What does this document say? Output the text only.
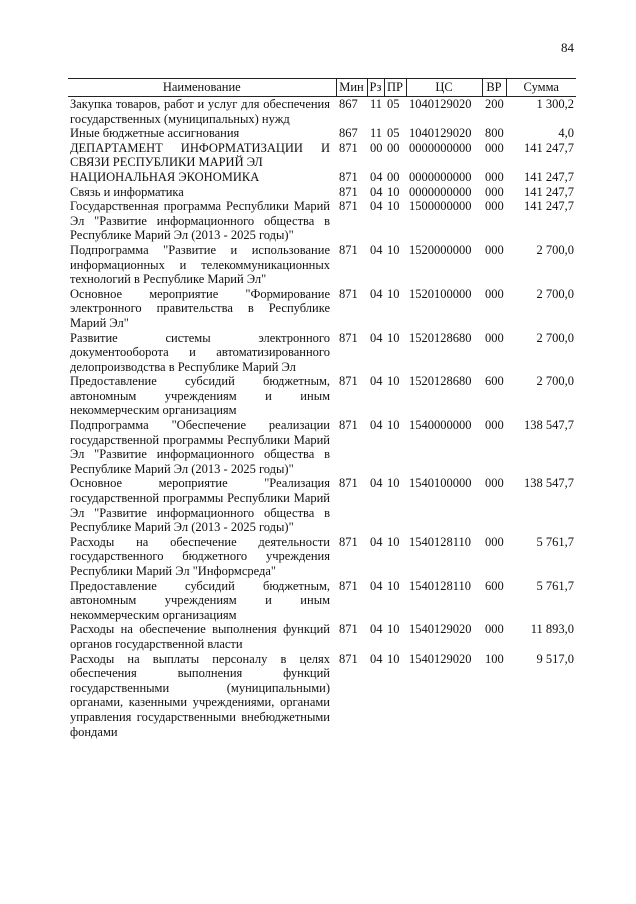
84
Наименование	Мин	Рз	ПР	ЦС	ВР	Сумма
Закупка товаров, работ и услуг для обеспечения государственных (муниципальных) нужд	867	11	05	1040129020	200	1 300,2
Иные бюджетные ассигнования	867	11	05	1040129020	800	4,0
ДЕПАРТАМЕНТ ИНФОРМАТИЗАЦИИ И СВЯЗИ РЕСПУБЛИКИ МАРИЙ ЭЛ	871	00	00	0000000000	000	141 247,7
НАЦИОНАЛЬНАЯ ЭКОНОМИКА	871	04	00	0000000000	000	141 247,7
Связь и информатика	871	04	10	0000000000	000	141 247,7
Государственная программа Республики Марий Эл "Развитие информационного общества в Республике Марий Эл (2013 - 2025 годы)"	871	04	10	1500000000	000	141 247,7
Подпрограмма "Развитие и использование информационных и телекоммуникационных технологий в Республике Марий Эл"	871	04	10	1520000000	000	2 700,0
Основное мероприятие "Формирование электронного правительства в Республике Марий Эл"	871	04	10	1520100000	000	2 700,0
Развитие системы электронного документооборота и автоматизированного делопроизводства в Республике Марий Эл	871	04	10	1520128680	000	2 700,0
Предоставление субсидий бюджетным, автономным учреждениям и иным некоммерческим организациям	871	04	10	1520128680	600	2 700,0
Подпрограмма "Обеспечение реализации государственной программы Республики Марий Эл "Развитие информационного общества в Республике Марий Эл (2013 - 2025 годы)"	871	04	10	1540000000	000	138 547,7
Основное мероприятие "Реализация государственной программы Республики Марий Эл "Развитие информационного общества в Республике Марий Эл (2013 - 2025 годы)"	871	04	10	1540100000	000	138 547,7
Расходы на обеспечение деятельности государственного бюджетного учреждения Республики Марий Эл "Информсреда"	871	04	10	1540128110	000	5 761,7
Предоставление субсидий бюджетным, автономным учреждениям и иным некоммерческим организациям	871	04	10	1540128110	600	5 761,7
Расходы на обеспечение выполнения функций органов государственной власти	871	04	10	1540129020	000	11 893,0
Расходы на выплаты персоналу в целях обеспечения выполнения функций государственными (муниципальными) органами, казенными учреждениями, органами управления государственными внебюджетными фондами	871	04	10	1540129020	100	9 517,0
